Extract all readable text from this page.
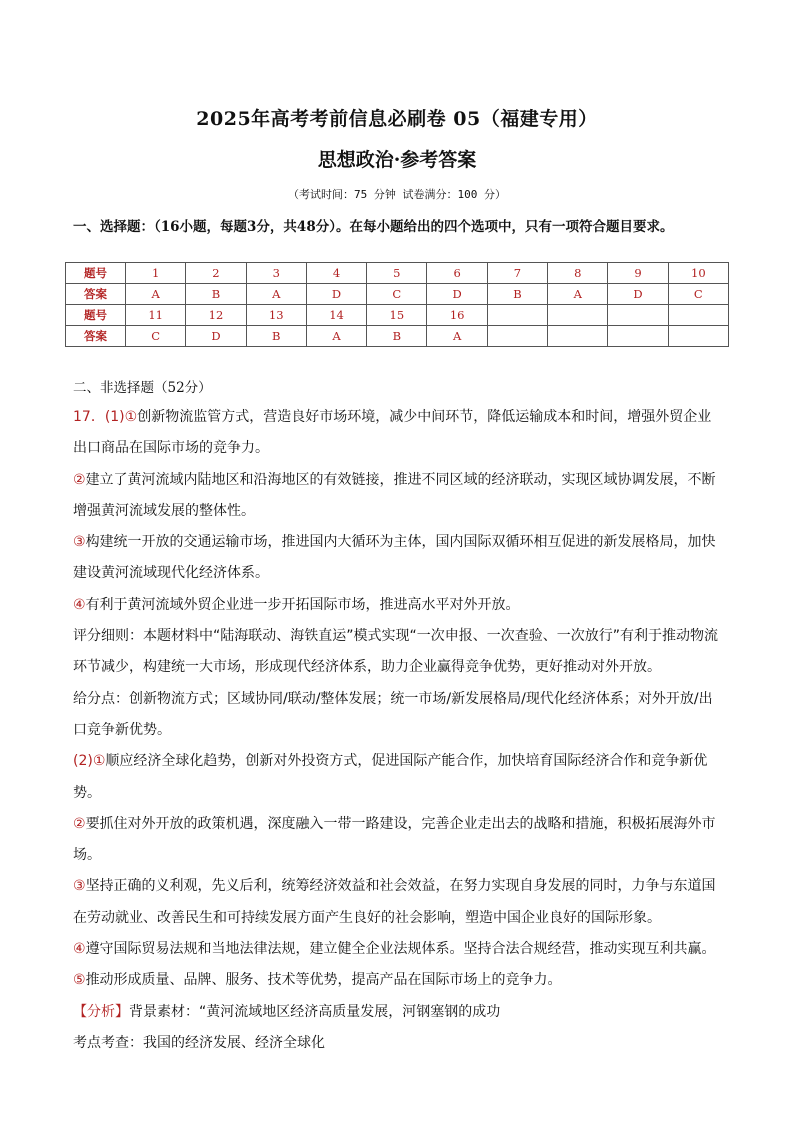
2025年高考考前信息必刷卷 05（福建专用）
思想政治·参考答案
（考试时间：75 分钟 试卷满分：100 分）
一、选择题：（16小题，每题3分，共48分）。在每小题给出的四个选项中，只有一项符合题目要求。
题号	1	2	3	4	5	6	7	8	9	10
答案	A	B	A	D	C	D	B	A	D	C
题号	11	12	13	14	15	16				
答案	C	D	B	A	B	A				
二、非选择题（52分）

17．(1)①创新物流监管方式，营造良好市场环境，减少中间环节，降低运输成本和时间，增强外贸企业出口商品在国际市场的竞争力。

②建立了黄河流域内陆地区和沿海地区的有效链接，推进不同区域的经济联动，实现区域协调发展，不断增强黄河流域发展的整体性。

③构建统一开放的交通运输市场，推进国内大循环为主体，国内国际双循环相互促进的新发展格局，加快建设黄河流域现代化经济体系。

④有利于黄河流域外贸企业进一步开拓国际市场，推进高水平对外开放。

评分细则：本题材料中“陆海联动、海铁直运”模式实现“一次申报、一次查验、一次放行”有利于推动物流环节减少，构建统一大市场，形成现代经济体系，助力企业赢得竞争优势，更好推动对外开放。

给分点：创新物流方式；区域协同/联动/整体发展；统一市场/新发展格局/现代化经济体系；对外开放/出口竞争新优势。

(2)①顺应经济全球化趋势，创新对外投资方式，促进国际产能合作，加快培育国际经济合作和竞争新优势。

②要抓住对外开放的政策机遇，深度融入一带一路建设，完善企业走出去的战略和措施，积极拓展海外市场。

③坚持正确的义利观，先义后利，统筹经济效益和社会效益，在努力实现自身发展的同时，力争与东道国在劳动就业、改善民生和可持续发展方面产生良好的社会影响，塑造中国企业良好的国际形象。

④遵守国际贸易法规和当地法律法规，建立健全企业法规体系。坚持合法合规经营，推动实现互利共赢。

⑤推动形成质量、品牌、服务、技术等优势，提高产品在国际市场上的竞争力。

【分析】背景素材：“黄河流域地区经济高质量发展，河钢塞钢的成功

考点考查：我国的经济发展、经济全球化
